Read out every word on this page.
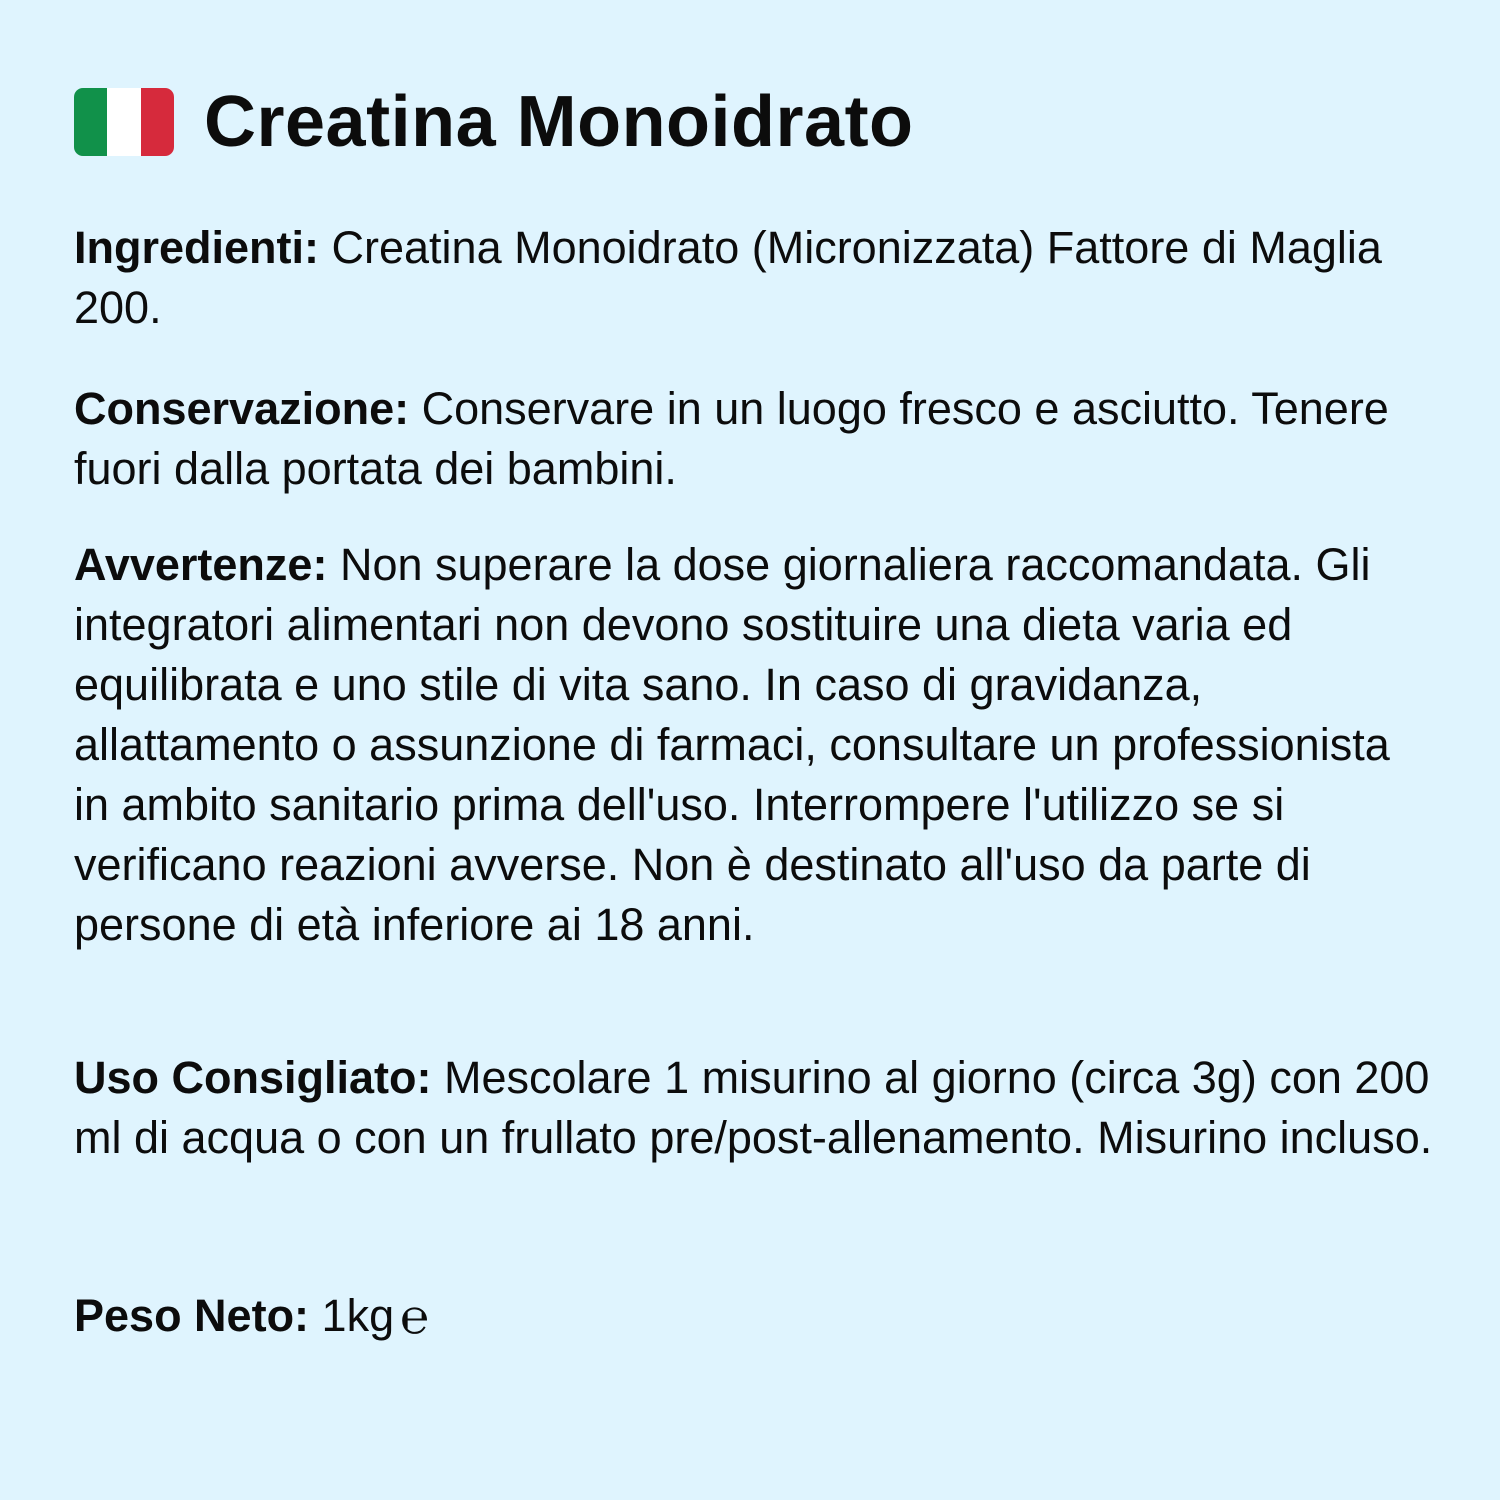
Creatina Monoidrato

Ingredienti: Creatina Monoidrato (Micronizzata) Fattore di Maglia 200.

Conservazione: Conservare in un luogo fresco e asciutto. Tenere fuori dalla portata dei bambini.

Avvertenze: Non superare la dose giornaliera raccomandata. Gli integratori alimentari non devono sostituire una dieta varia ed equilibrata e uno stile di vita sano. In caso di gravidanza, allattamento o assunzione di farmaci, consultare un professionista in ambito sanitario prima dell'uso. Interrompere l'utilizzo se si verificano reazioni avverse. Non è destinato all'uso da parte di persone di età inferiore ai 18 anni.

Uso Consigliato: Mescolare 1 misurino al giorno (circa 3g) con 200 ml di acqua o con un frullato pre/post-allenamento. Misurino incluso.

Peso Neto: 1kg ℮
